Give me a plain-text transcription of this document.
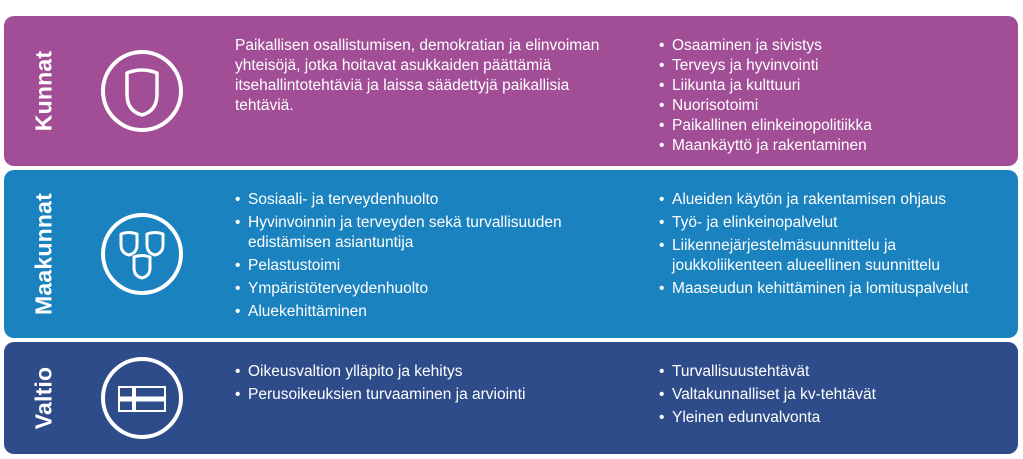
Kunnat

Paikallisen osallistumisen, demokratian ja elinvoiman yhteisöjä, jotka hoitavat asukkaiden päättämiä itsehallintotehtäviä ja laissa säädettyjä paikallisia tehtäviä.

• Osaaminen ja sivistys
• Terveys ja hyvinvointi
• Liikunta ja kulttuuri
• Nuorisotoimi
• Paikallinen elinkeinopolitiikka
• Maankäyttö ja rakentaminen
Maakunnat	• Sosiaali- ja terveydenhuolto
• Hyvinvoinnin ja terveyden sekä turvallisuuden edistämisen asiantuntija
• Pelastustoimi
• Ympäristöterveydenhuolto
• Aluekehittäminen
• Alueiden käytön ja rakentamisen ohjaus
• Työ- ja elinkeinopalvelut
• Liikennejärjestelmäsuunnittelu ja joukkoliikenteen alueellinen suunnittelu
• Maaseudun kehittäminen ja lomituspalvelut
Valtio	• Oikeusvaltion ylläpito ja kehitys
• Perusoikeuksien turvaaminen ja arviointi
• Turvallisuustehtävät
• Valtakunnalliset ja kv-tehtävät
• Yleinen edunvalvonta
